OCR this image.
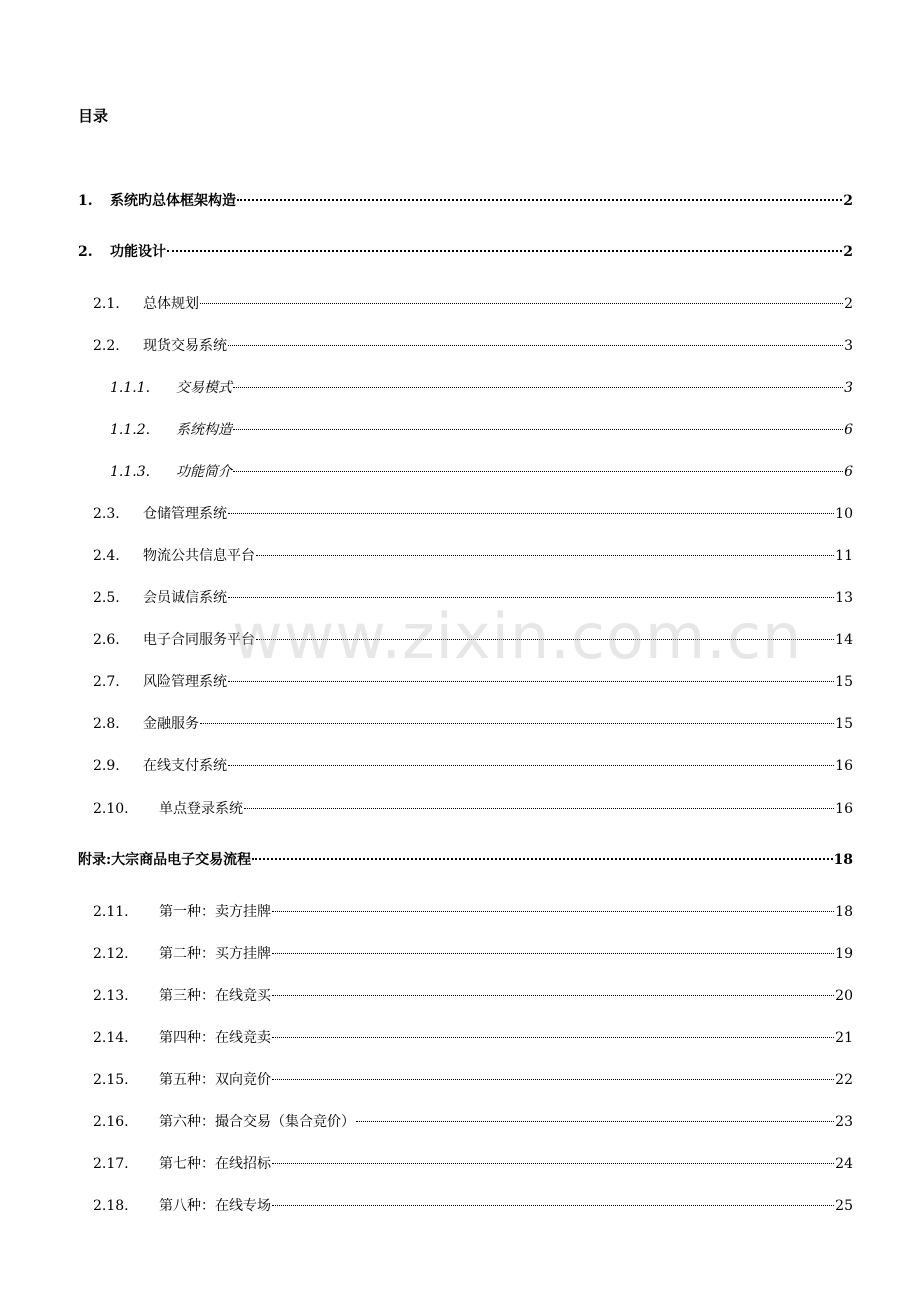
目录
1.	系统旳总体框架构造	2
2.	功能设计	2
2.1.	总体规划	2
2.2.	现货交易系统	3
1.1.1.	交易模式	3
1.1.2.	系统构造	6
1.1.3.	功能简介	6
2.3.	仓储管理系统	10
2.4.	物流公共信息平台	11
2.5.	会员诚信系统	13
2.6.	电子合同服务平台	14
2.7.	风险管理系统	15
2.8.	金融服务	15
2.9.	在线支付系统	16
2.10.	单点登录系统	16
附录:大宗商品电子交易流程	18
2.11.	第一种：卖方挂牌	18
2.12.	第二种：买方挂牌	19
2.13.	第三种：在线竞买	20
2.14.	第四种：在线竞卖	21
2.15.	第五种：双向竞价	22
2.16.	第六种：撮合交易（集合竞价）	23
2.17.	第七种：在线招标	24
2.18.	第八种：在线专场	25
www.zixin.com.cn
